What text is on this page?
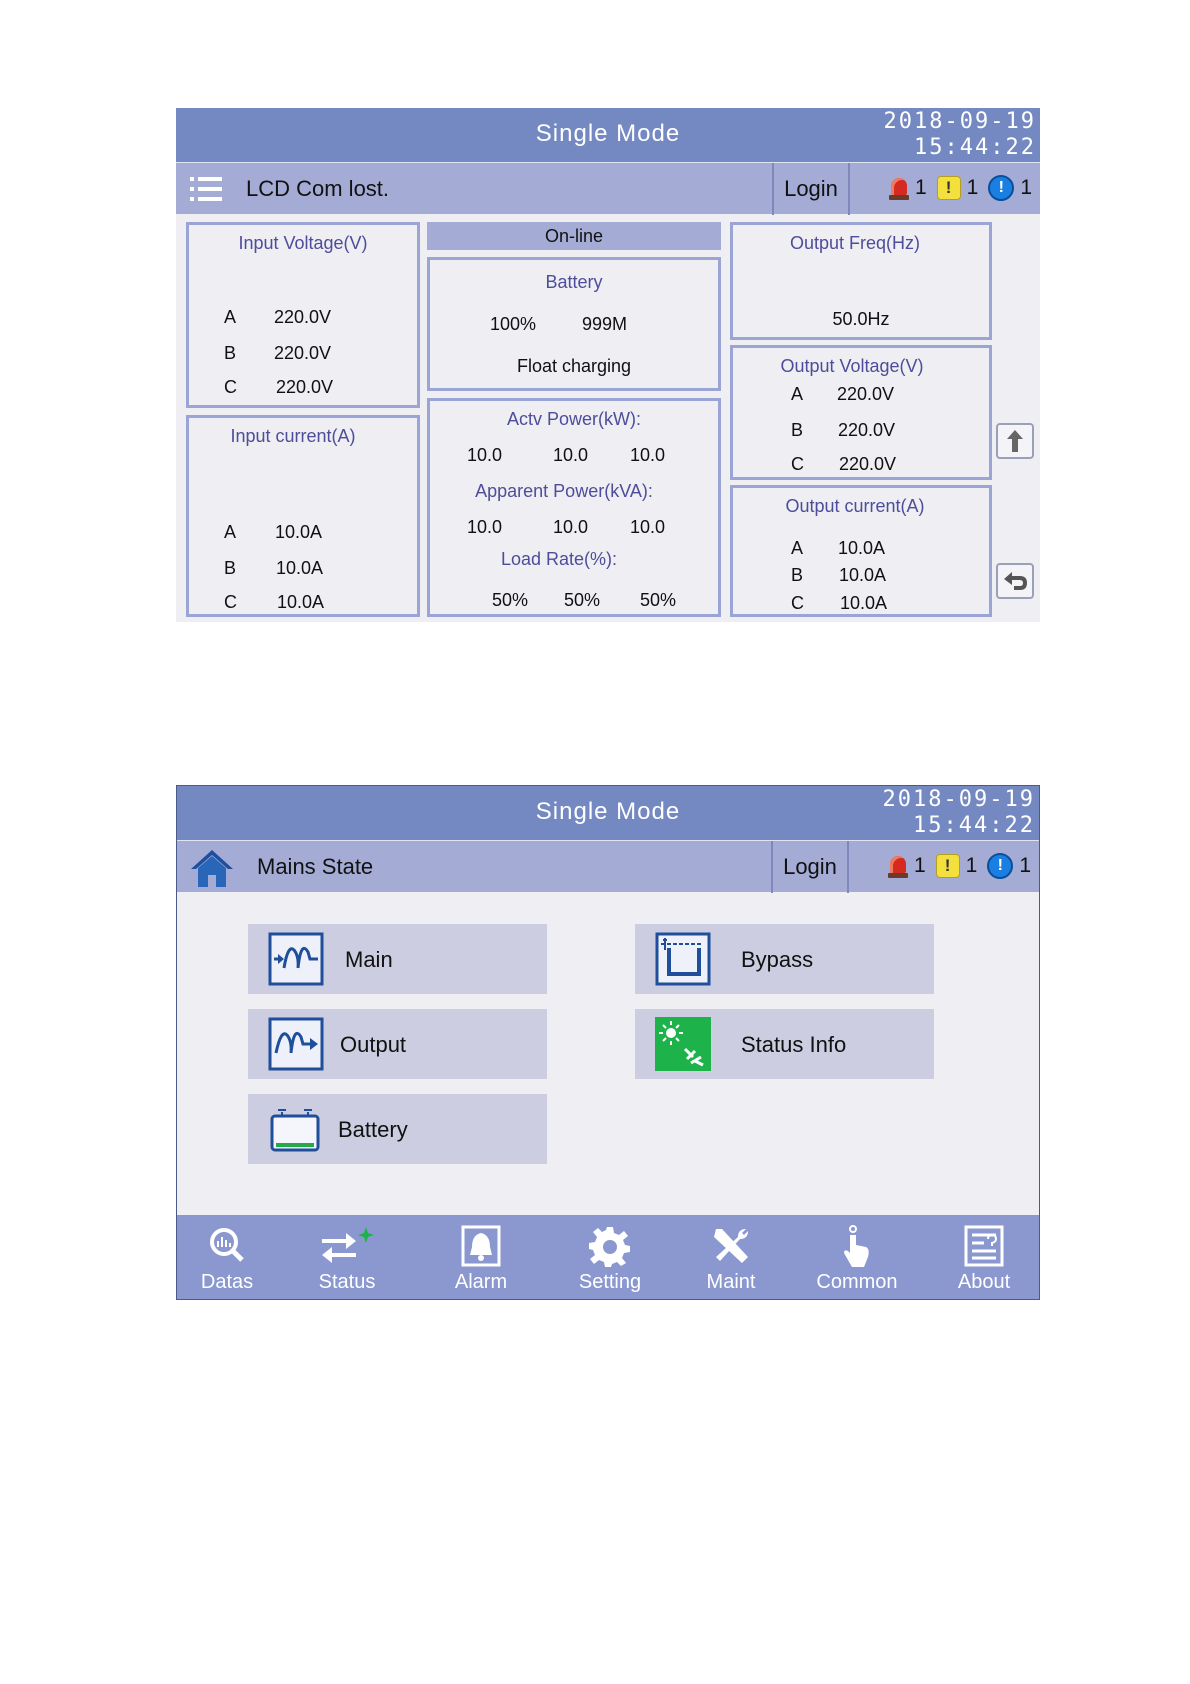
Single Mode	2018-09-19
15:44:22
LCD Com lost.	Login	1	! 1	! 1
Input Voltage(V)
A 220.0V
B 220.0V
C 220.0V
Input current(A)
A 10.0A
B 10.0A
C 10.0A
On-line
Battery
100%	999M
Float charging
Actv Power(kW):
10.0	10.0 10.0
Apparent Power(kVA):
10.0	10.0 10.0
Load Rate(%):
50% 50% 50%
Output Freq(Hz)
50.0Hz
Output Voltage(V)
A 220.0V
B 220.0V
C 220.0V
Output current(A)
A 10.0A
B 10.0A
C 10.0A
Single Mode	2018-09-19
15:44:22
Mains State	Login	1	! 1	! 1
Main
Output
Battery
Bypass
Status Info
Datas	Status	Alarm	Setting	Maint	Common	About
